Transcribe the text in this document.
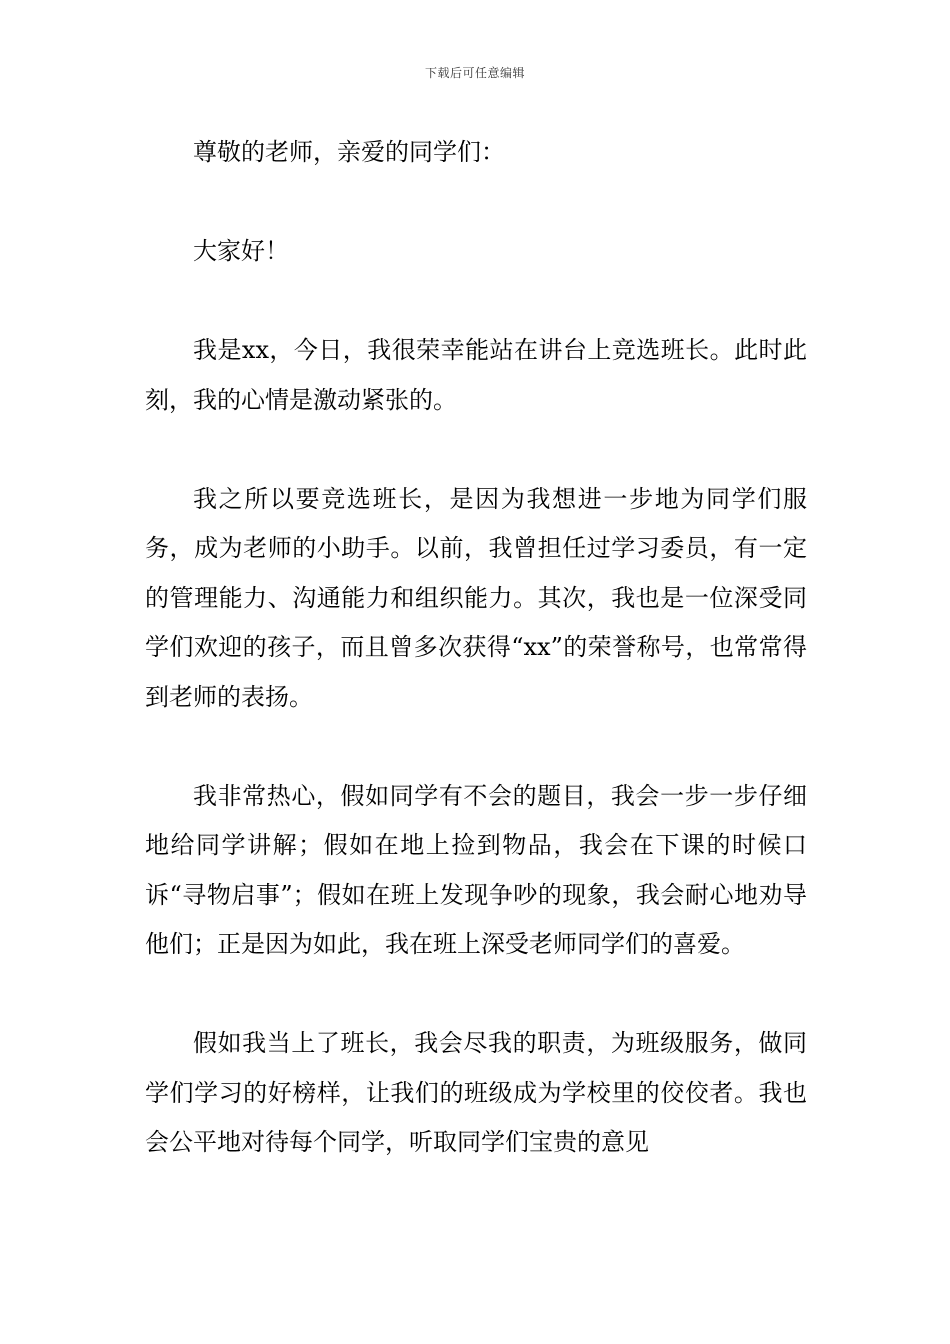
下载后可任意编辑

尊敬的老师，亲爱的同学们：

大家好！

我是xx，今日，我很荣幸能站在讲台上竞选班长。此时此刻，我的心情是激动紧张的。

我之所以要竞选班长，是因为我想进一步地为同学们服务，成为老师的小助手。以前，我曾担任过学习委员，有一定的管理能力、沟通能力和组织能力。其次，我也是一位深受同学们欢迎的孩子，而且曾多次获得“xx”的荣誉称号，也常常得到老师的表扬。

我非常热心，假如同学有不会的题目，我会一步一步仔细地给同学讲解；假如在地上捡到物品，我会在下课的时候口诉“寻物启事”；假如在班上发现争吵的现象，我会耐心地劝导他们；正是因为如此，我在班上深受老师同学们的喜爱。

假如我当上了班长，我会尽我的职责，为班级服务，做同学们学习的好榜样，让我们的班级成为学校里的佼佼者。我也会公平地对待每个同学，听取同学们宝贵的意见
